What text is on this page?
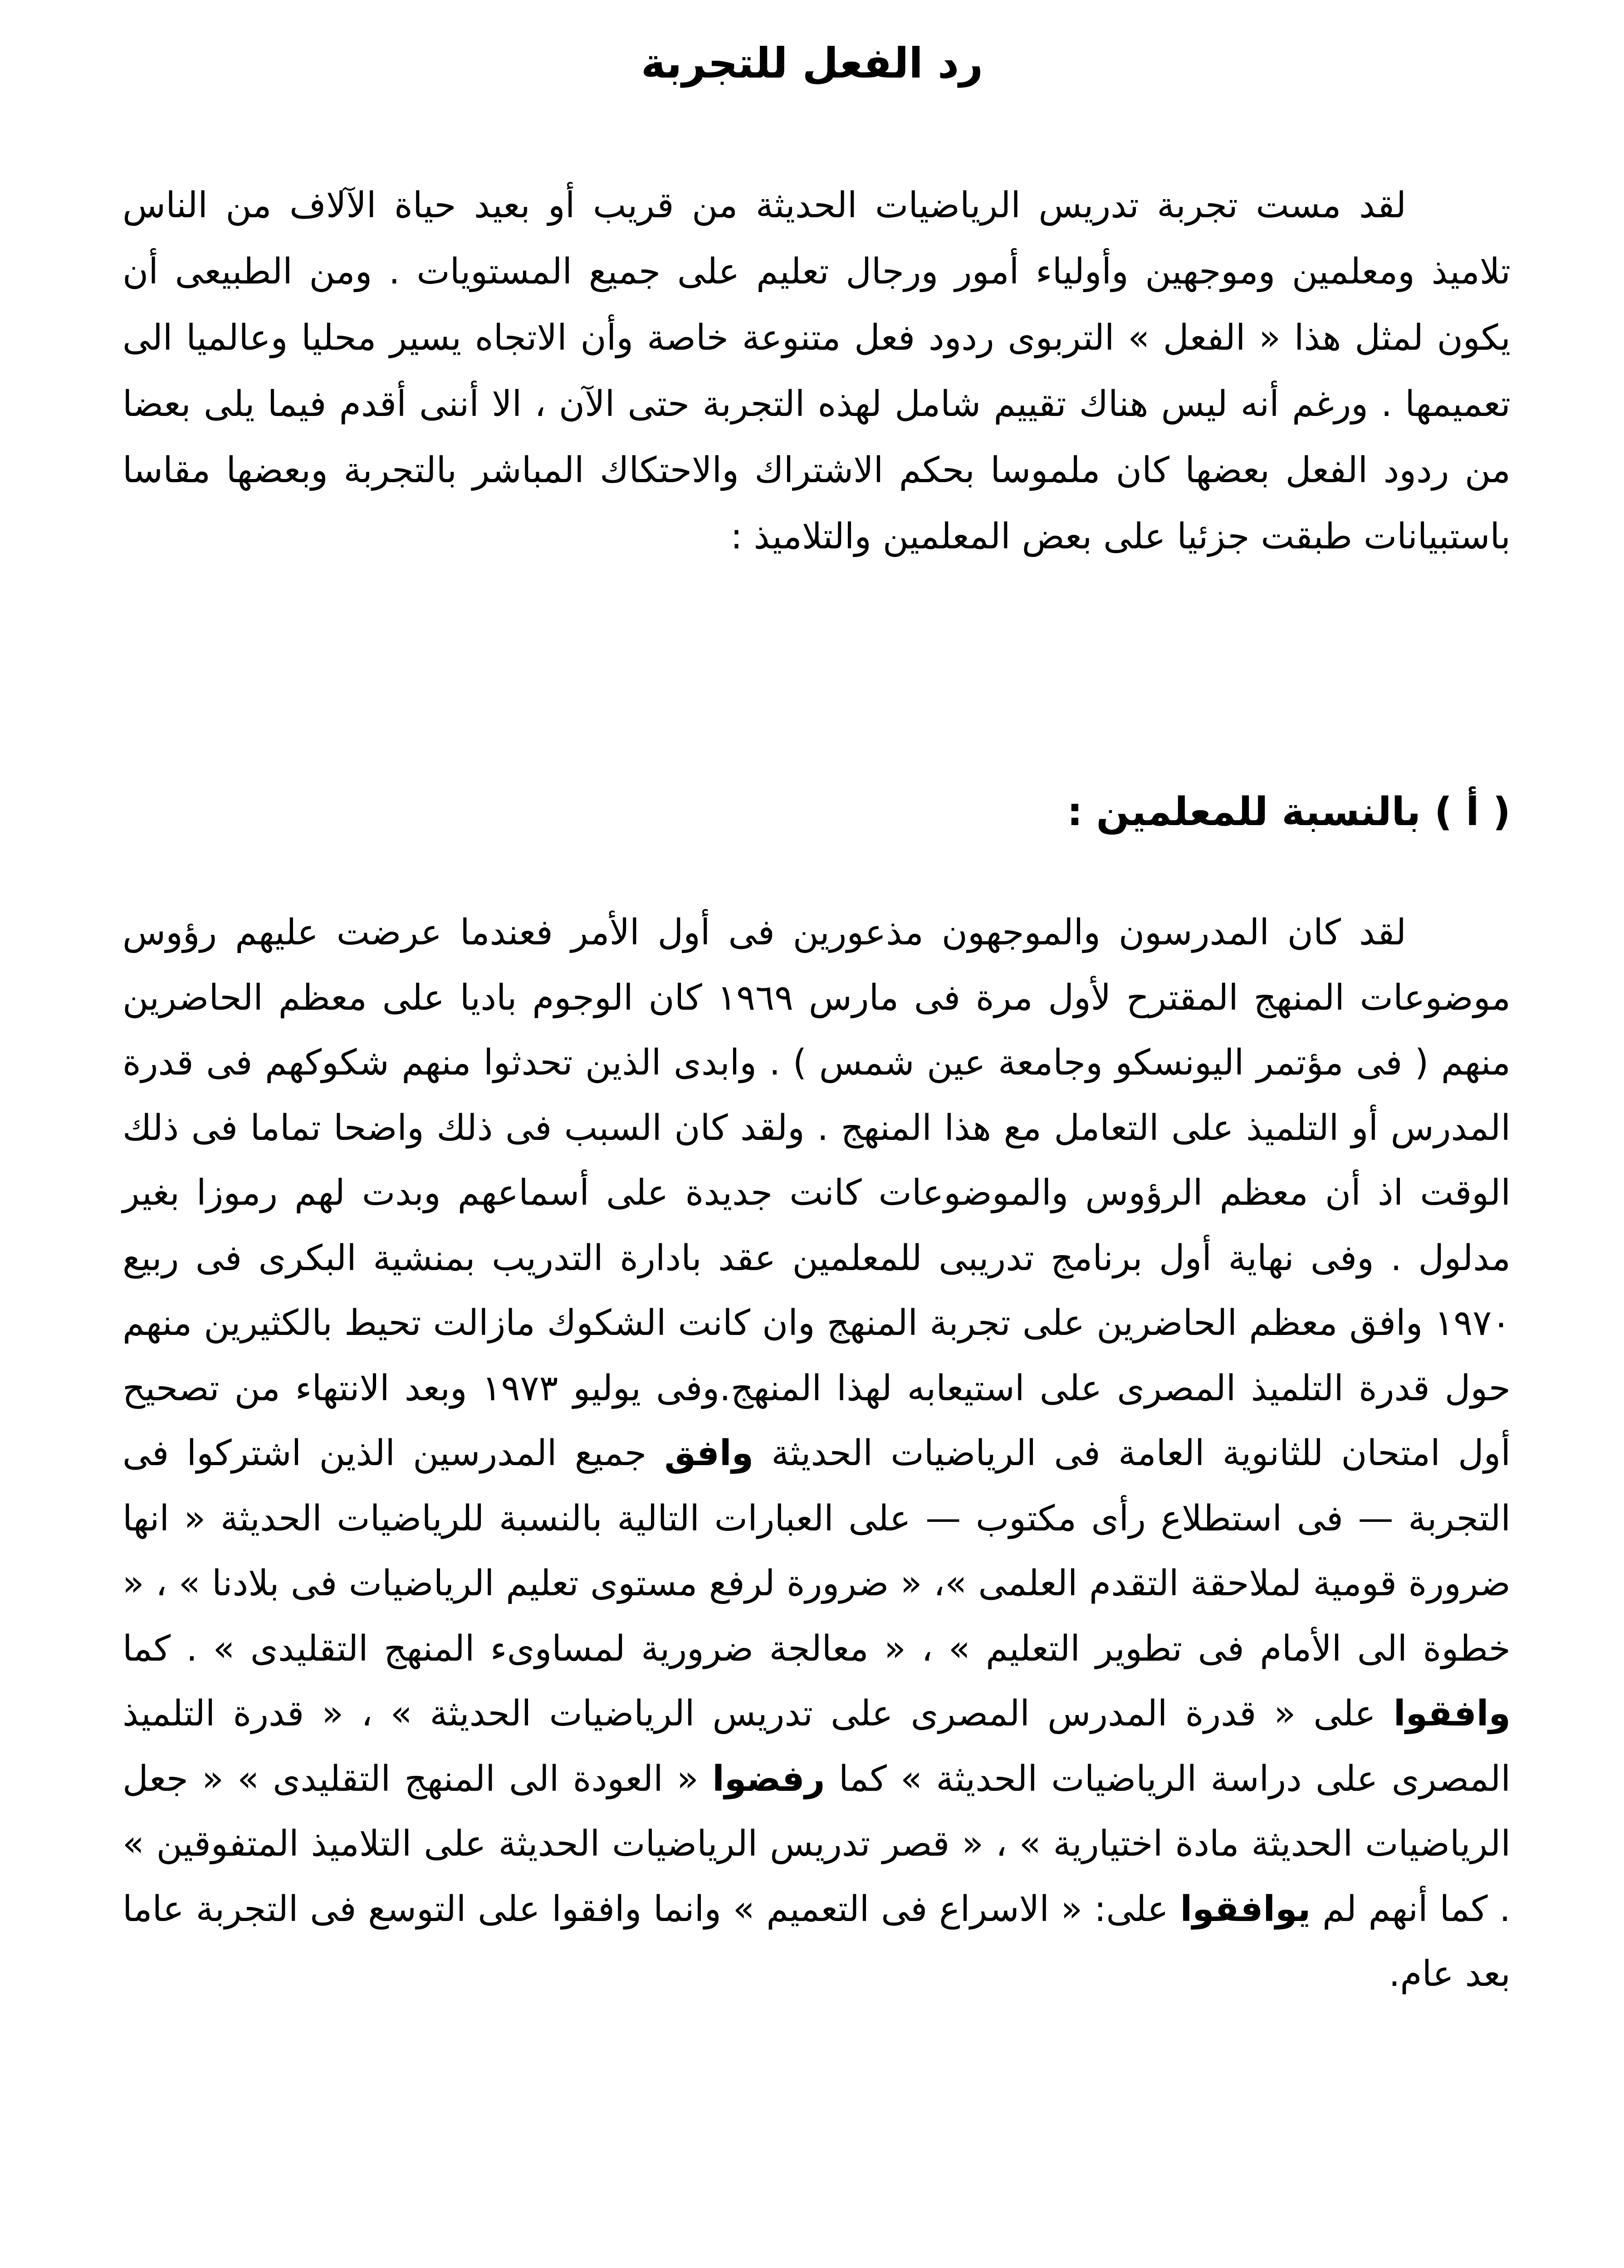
رد الفعل للتجربة

لقد مست تجربة تدريس الرياضيات الحديثة من قريب أو بعيد حياة الآلاف من الناس تلاميذ ومعلمين وموجهين وأولياء أمور ورجال تعليم على جميع المستويات . ومن الطبيعى أن يكون لمثل هذا « الفعل » التربوى ردود فعل متنوعة خاصة وأن الاتجاه يسير محليا وعالميا الى تعميمها . ورغم أنه ليس هناك تقييم شامل لهذه التجربة حتى الآن ، الا أننى أقدم فيما يلى بعضا من ردود الفعل بعضها كان ملموسا بحكم الاشتراك والاحتكاك المباشر بالتجربة وبعضها مقاسا باستبيانات طبقت جزئيا على بعض المعلمين والتلاميذ :

( أ ) بالنسبة للمعلمين :

لقد كان المدرسون والموجهون مذعورين فى أول الأمر فعندما عرضت عليهم رؤوس موضوعات المنهج المقترح لأول مرة فى مارس ١٩٦٩ كان الوجوم باديا على معظم الحاضرين منهم ( فى مؤتمر اليونسكو وجامعة عين شمس ) . وابدى الذين تحدثوا منهم شكوكهم فى قدرة المدرس أو التلميذ على التعامل مع هذا المنهج . ولقد كان السبب فى ذلك واضحا تماما فى ذلك الوقت اذ أن معظم الرؤوس والموضوعات كانت جديدة على أسماعهم وبدت لهم رموزا بغير مدلول . وفى نهاية أول برنامج تدريبى للمعلمين عقد بادارة التدريب بمنشية البكرى فى ربيع ١٩٧٠ وافق معظم الحاضرين على تجربة المنهج وان كانت الشكوك مازالت تحيط بالكثيرين منهم حول قدرة التلميذ المصرى على استيعابه لهذا المنهج.وفى يوليو ١٩٧٣ وبعد الانتهاء من تصحيح أول امتحان للثانوية العامة فى الرياضيات الحديثة وافق جميع المدرسين الذين اشتركوا فى التجربة — فى استطلاع رأى مكتوب — على العبارات التالية بالنسبة للرياضيات الحديثة « انها ضرورة قومية لملاحقة التقدم العلمى »، « ضرورة لرفع مستوى تعليم الرياضيات فى بلادنا » ، « خطوة الى الأمام فى تطوير التعليم » ، « معالجة ضرورية لمساوىء المنهج التقليدى » . كما وافقوا على « قدرة المدرس المصرى على تدريس الرياضيات الحديثة » ، « قدرة التلميذ المصرى على دراسة الرياضيات الحديثة » كما رفضوا « العودة الى المنهج التقليدى » « جعل الرياضيات الحديثة مادة اختيارية » ، « قصر تدريس الرياضيات الحديثة على التلاميذ المتفوقين » . كما أنهم لم يوافقوا على: « الاسراع فى التعميم » وانما وافقوا على التوسع فى التجربة عاما بعد عام.
